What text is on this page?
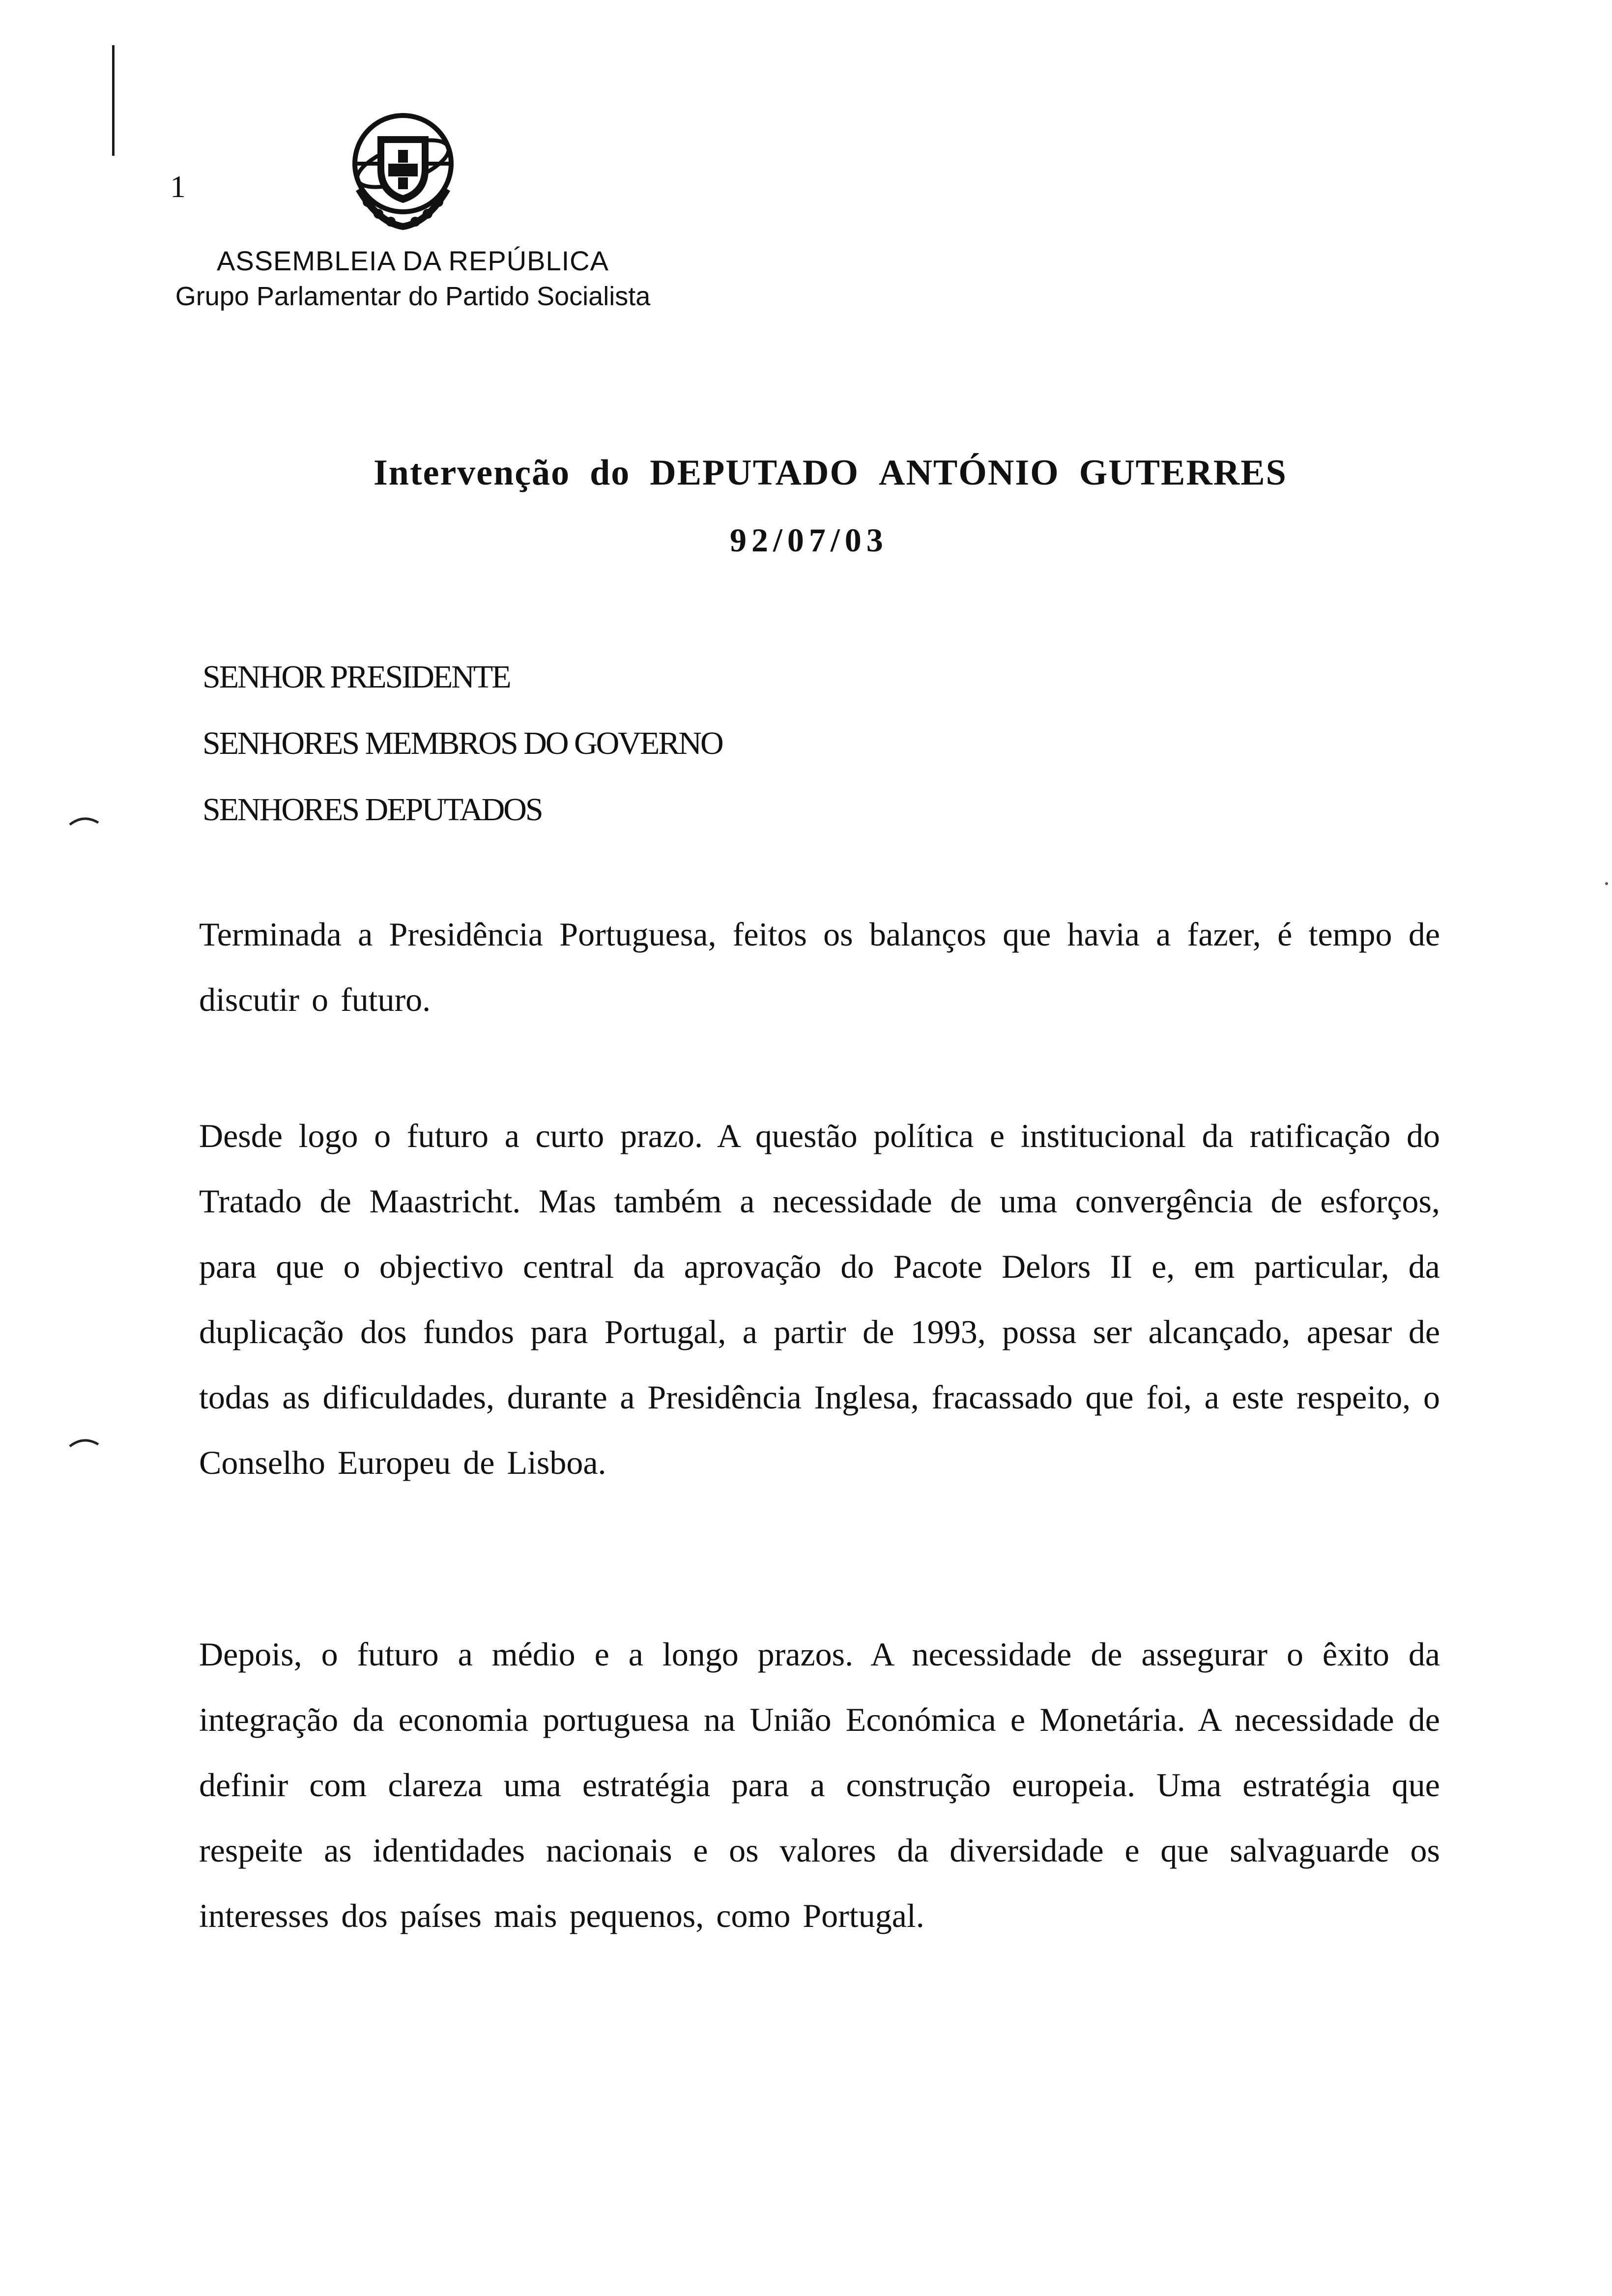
1
ASSEMBLEIA DA REPÚBLICA
Grupo Parlamentar do Partido Socialista
Intervenção do DEPUTADO ANTÓNIO GUTERRES
92/07/03
SENHOR PRESIDENTE
SENHORES MEMBROS DO GOVERNO
SENHORES DEPUTADOS
Terminada a Presidência Portuguesa, feitos os balanços que havia a fazer, é tempo de discutir o futuro.
Desde logo o futuro a curto prazo. A questão política e institucional da ratificação do Tratado de Maastricht. Mas também a necessidade de uma convergência de esforços, para que o objectivo central da aprovação do Pacote Delors II e, em particular, da duplicação dos fundos para Portugal, a partir de 1993, possa ser alcançado, apesar de todas as dificuldades, durante a Presidência Inglesa, fracassado que foi, a este respeito, o Conselho Europeu de Lisboa.
Depois, o futuro a médio e a longo prazos. A necessidade de assegurar o êxito da integração da economia portuguesa na União Económica e Monetária. A necessidade de definir com clareza uma estratégia para a construção europeia. Uma estratégia que respeite as identidades nacionais e os valores da diversidade e que salvaguarde os interesses dos países mais pequenos, como Portugal.
